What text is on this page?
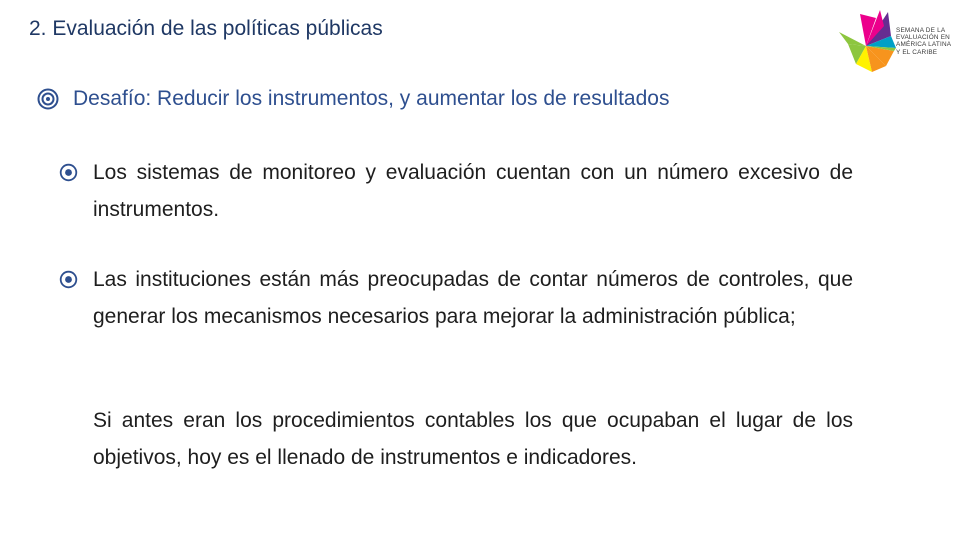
2. Evaluación de las políticas públicas	SEMANA DE LA
EVALUACIÓN EN
AMÉRICA LATINA
Y EL CARIBE
Desafío: Reducir los instrumentos, y aumentar los de resultados
Los sistemas de monitoreo y evaluación cuentan con un número excesivo de instrumentos.
Las instituciones están más preocupadas de contar números de controles, que generar los mecanismos necesarios para mejorar la administración pública;
Si antes eran los procedimientos contables los que ocupaban el lugar de los objetivos, hoy es el llenado de instrumentos e indicadores.
